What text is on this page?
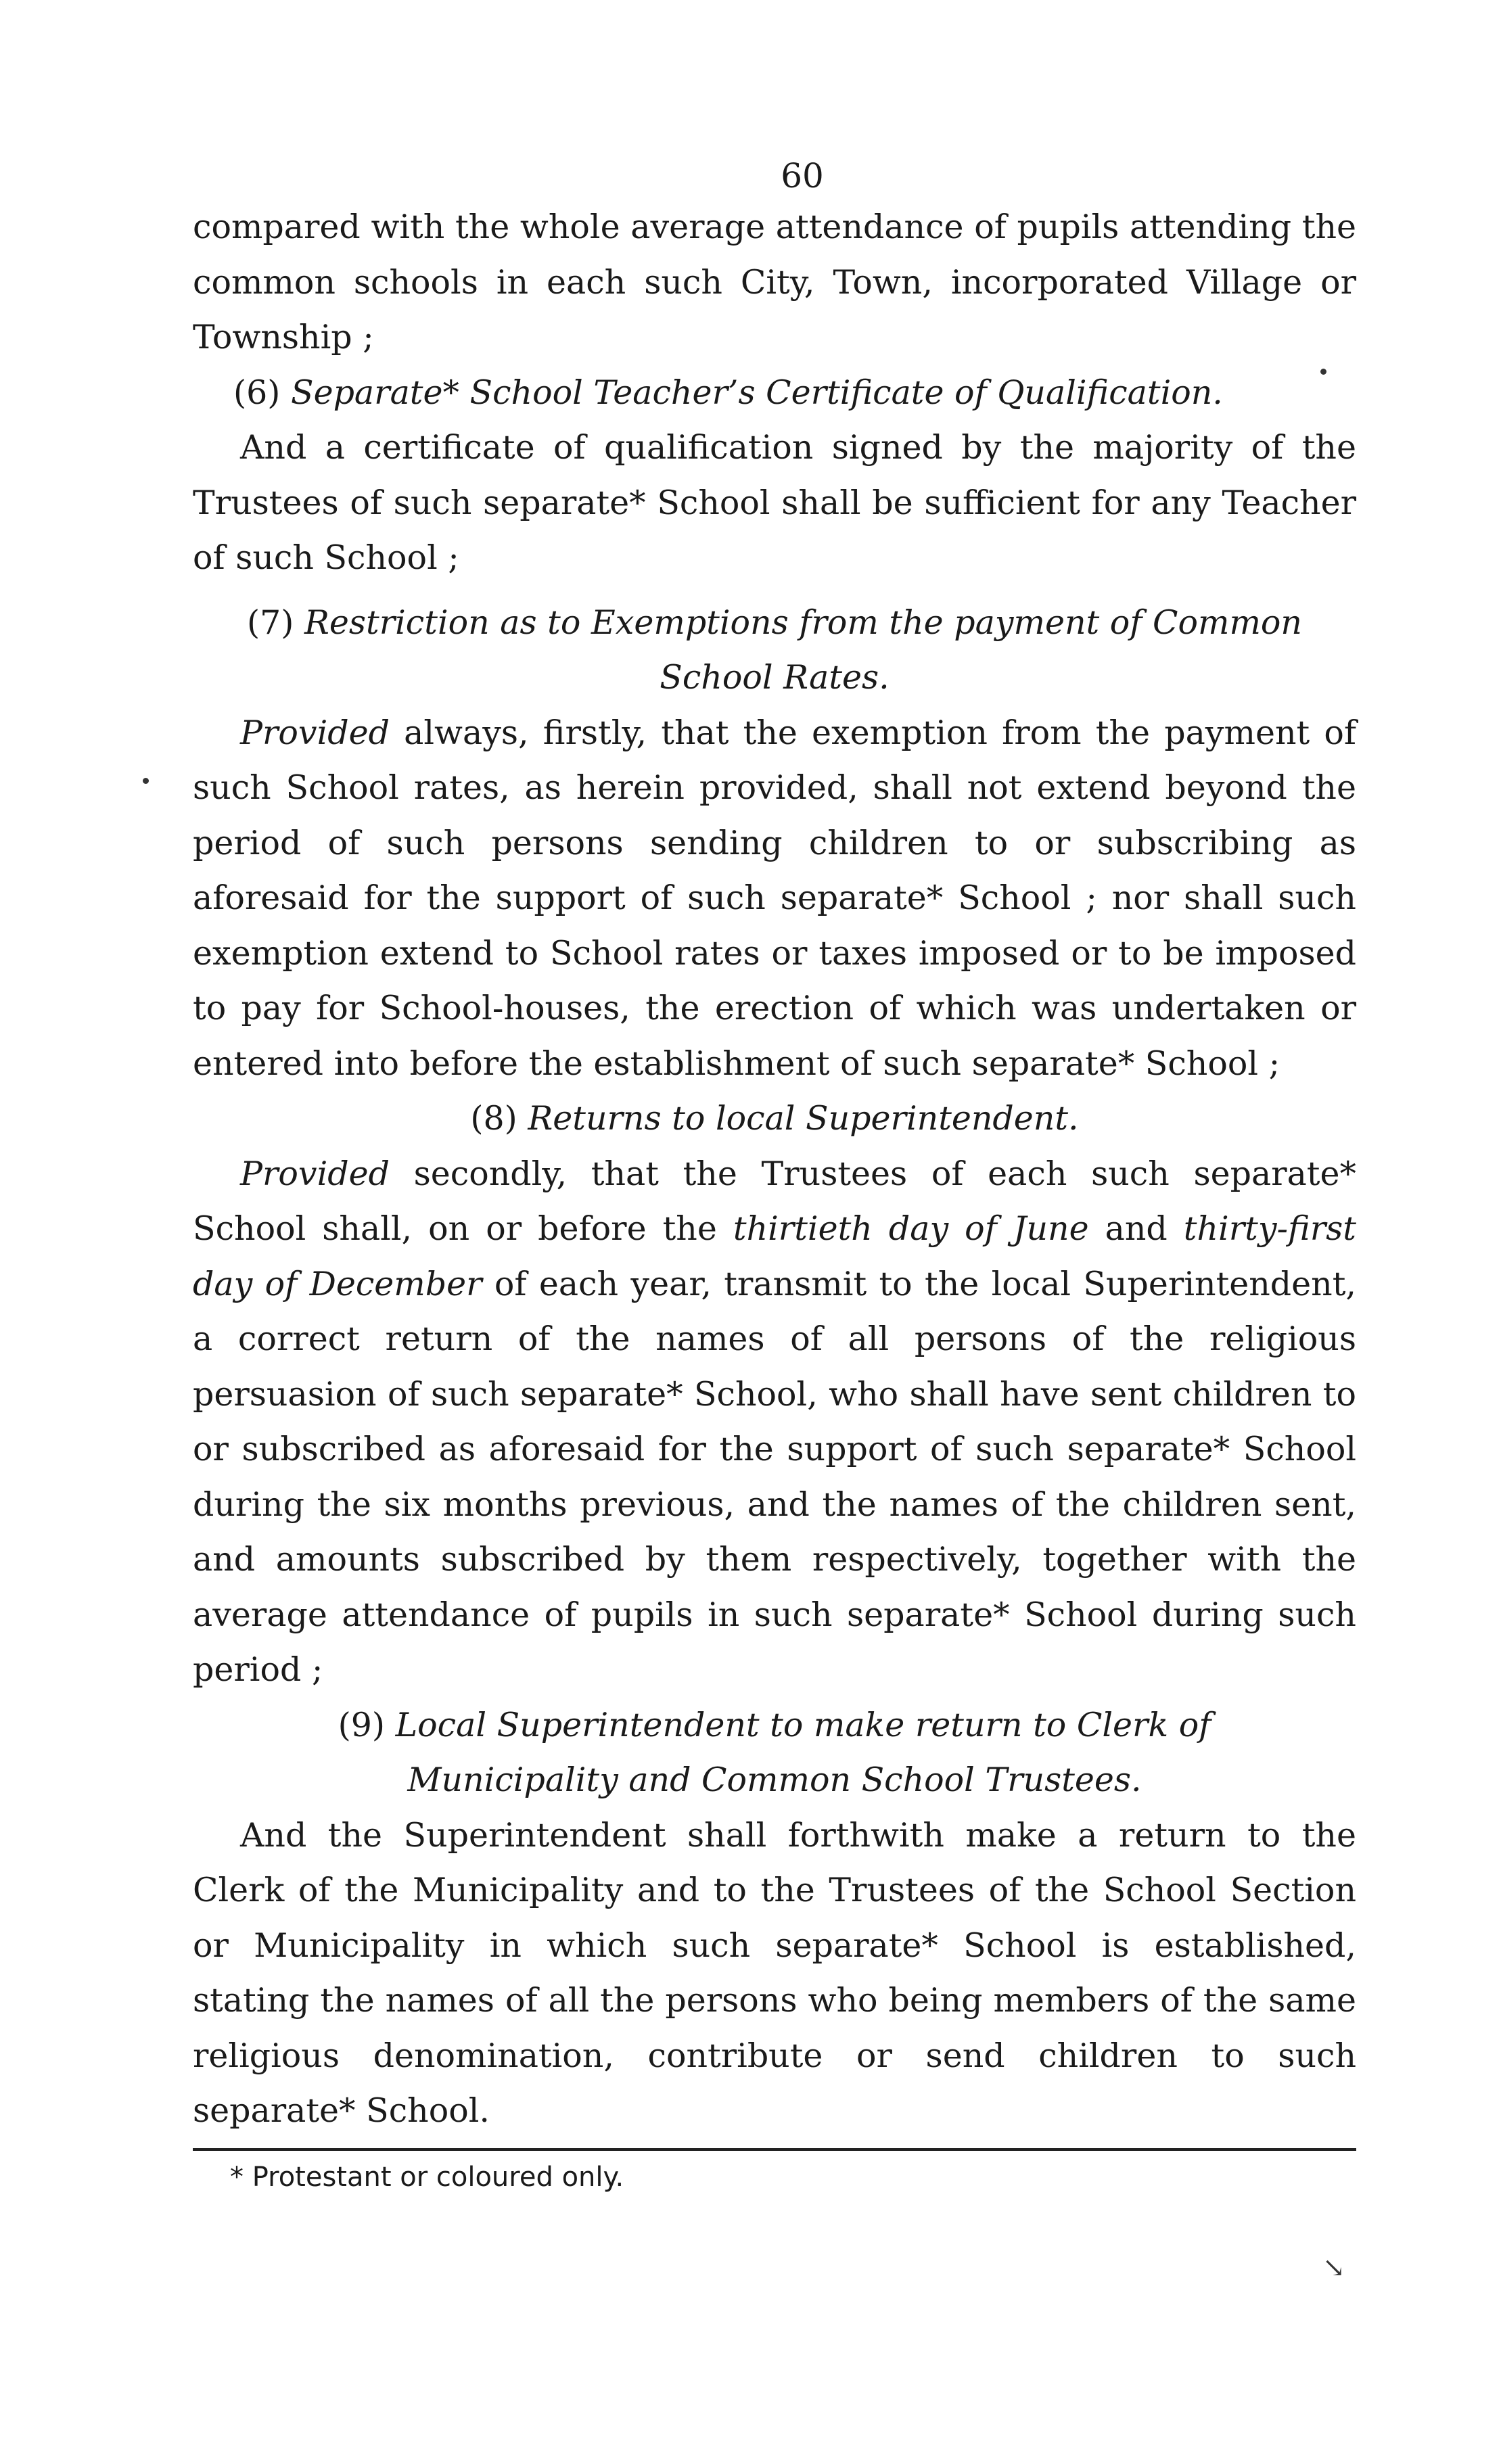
↘
60

compared with the whole average attendance of pupils attending the common schools in each such City, Town, incorporated Village or Township ;

(6) Separate* School Teacher’s Certificate of Qualification.

And a certificate of qualification signed by the majority of the Trustees of such separate* School shall be sufficient for any Teacher of such School ;

(7) Restriction as to Exemptions from the payment of Common School Rates.

Provided always, firstly, that the exemption from the payment of such School rates, as herein provided, shall not extend beyond the period of such persons sending children to or subscribing as aforesaid for the support of such separate* School ; nor shall such exemption extend to School rates or taxes imposed or to be imposed to pay for School-houses, the erection of which was undertaken or entered into before the establishment of such separate* School ;

(8) Returns to local Superintendent.

Provided secondly, that the Trustees of each such separate* School shall, on or before the thirtieth day of June and thirty-first day of December of each year, transmit to the local Superintendent, a correct return of the names of all persons of the religious persuasion of such separate* School, who shall have sent children to or subscribed as aforesaid for the support of such separate* School during the six months previous, and the names of the children sent, and amounts subscribed by them respectively, together with the average attendance of pupils in such separate* School during such period ;

(9) Local Superintendent to make return to Clerk of Municipality and Common School Trustees.

And the Superintendent shall forthwith make a return to the Clerk of the Municipality and to the Trustees of the School Section or Municipality in which such separate* School is established, stating the names of all the persons who being members of the same religious denomination, contribute or send children to such separate* School.

* Protestant or coloured only.
